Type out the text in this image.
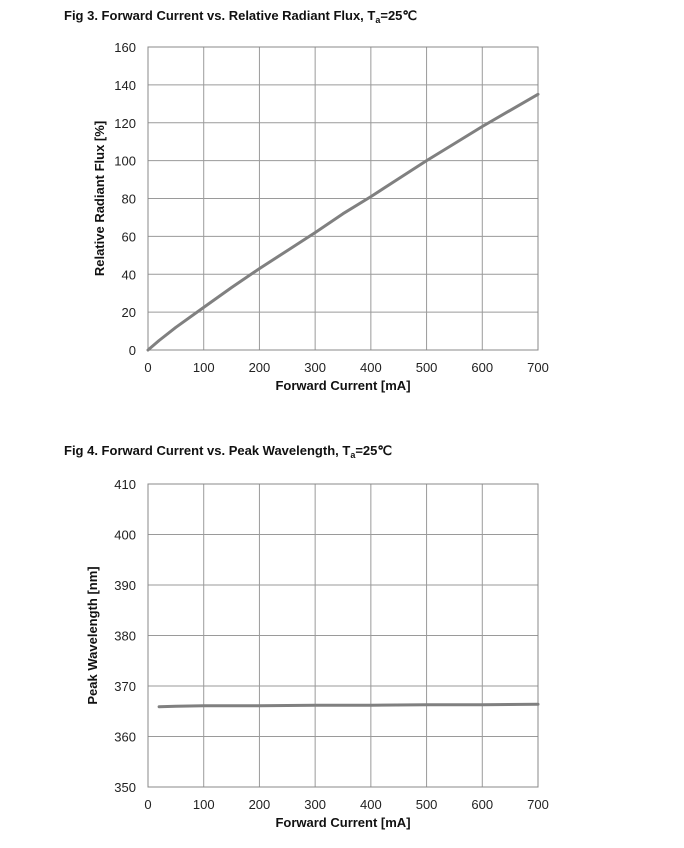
Fig 3. Forward Current vs. Relative Radiant Flux, $T_a=25℃$
0	100	200	300	400	500	600	700
0
20
40
60
80
100
120
140
160
Forward Current [mA]
Relative Radiant Flux [%]
Fig 4. Forward Current vs. Peak Wavelength, $T_a=25℃$
0	100	200	300	400	500	600	700
350
360
370
380
390
400
410
Forward Current [mA]
Peak Wavelength [nm]
